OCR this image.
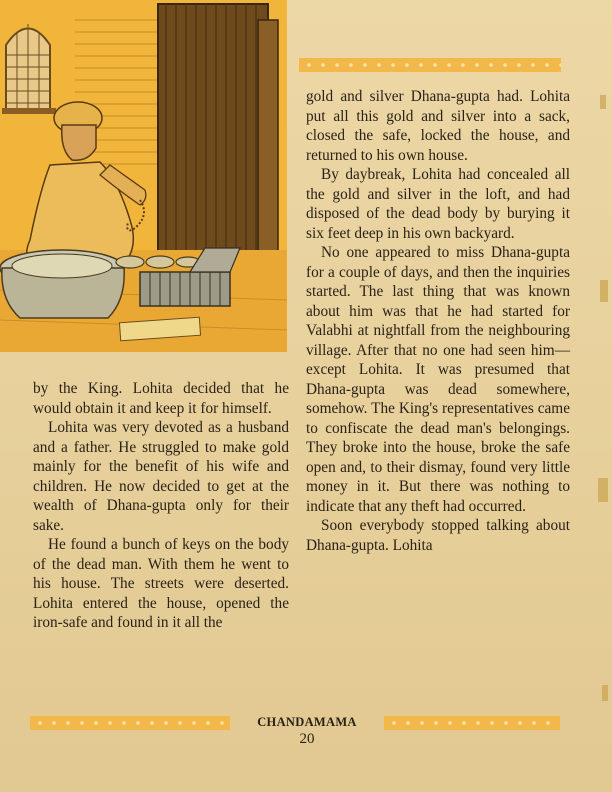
gold and silver Dhana-gupta had. Lohita put all this gold and silver into a sack, closed the safe, locked the house, and returned to his own house.

By daybreak, Lohita had concealed all the gold and silver in the loft, and had disposed of the dead body by burying it six feet deep in his own backyard.

No one appeared to miss Dhana-gupta for a couple of days, and then the inquiries started. The last thing that was known about him was that he had started for Valabhi at nightfall from the neighbouring village. After that no one had seen him—except Lohita. It was presumed that Dhana-gupta was dead somewhere, somehow. The King's representatives came to confiscate the dead man's belongings. They broke into the house, broke the safe open and, to their dismay, found very little money in it. But there was nothing to indicate that any theft had occurred.

Soon everybody stopped talking about Dhana-gupta. Lohita

by the King. Lohita decided that he would obtain it and keep it for himself.

Lohita was very devoted as a husband and a father. He struggled to make gold mainly for the benefit of his wife and children. He now decided to get at the wealth of Dhana-gupta only for their sake.

He found a bunch of keys on the body of the dead man. With them he went to his house. The streets were deserted. Lohita entered the house, opened the iron-safe and found in it all the

CHANDAMAMA
20
